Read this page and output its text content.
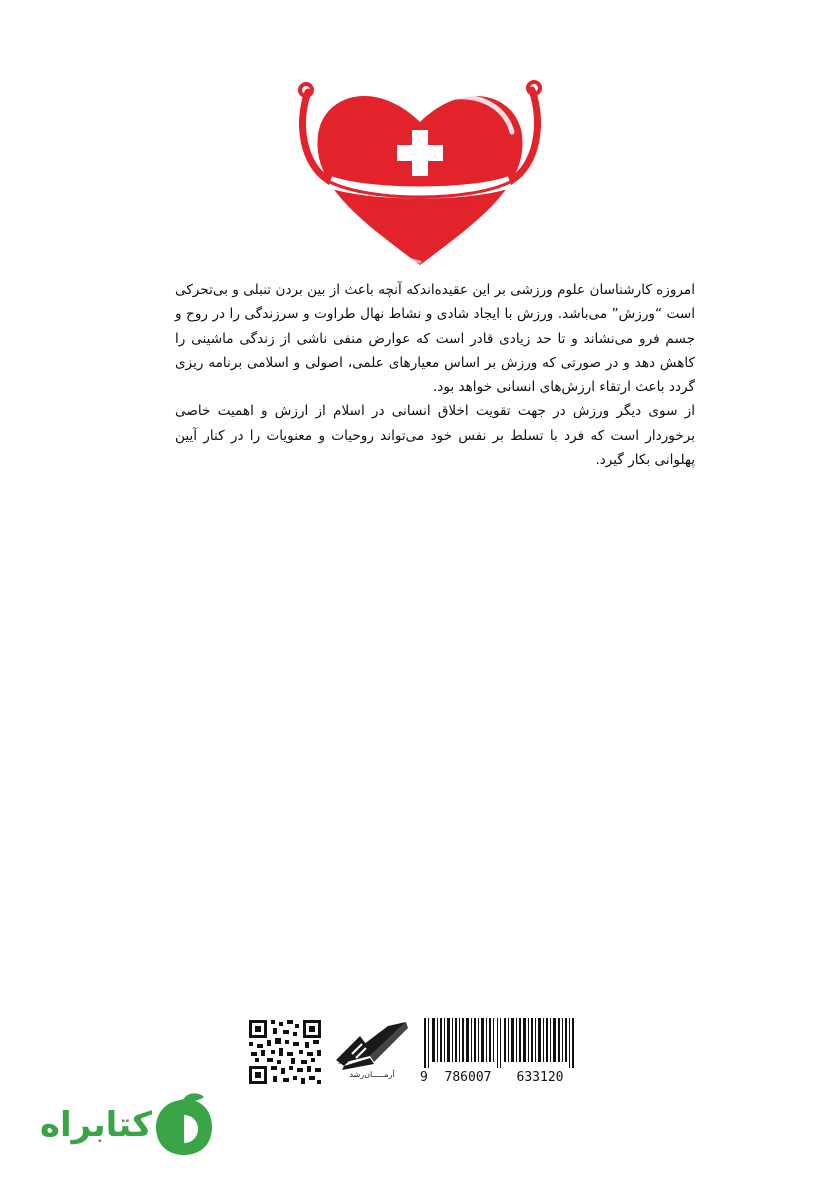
امروزه کارشناسان علوم ورزشی بر این عقیده‌اندکه آنچه باعث از بین بردن تنبلی و بی‌تحرکی است “ورزش” می‌باشد. ورزش با ایجاد شادی و نشاط نهال طراوت و سرزندگی را در روح و جسم فرو می‌نشاند و تا حد زیادی قادر است که عوارض منفی ناشی از زندگی ماشینی را کاهش دهد و در صورتی که ورزش بر اساس معیارهای علمی، اصولی و اسلامی برنامه ریزی گردد باعث ارتقاء ارزش‌های انسانی خواهد بود.

از سوی دیگر ورزش در جهت تقویت اخلاق انسانی در اسلام از ارزش و اهمیت خاصی برخوردار است که فرد با تسلط بر نفس خود می‌تواند روحیات و معنویات را در کنار آیین پهلوانی بکار گیرد.

آرمـــــان‌رشد	9	786007	633120
کتابراه
